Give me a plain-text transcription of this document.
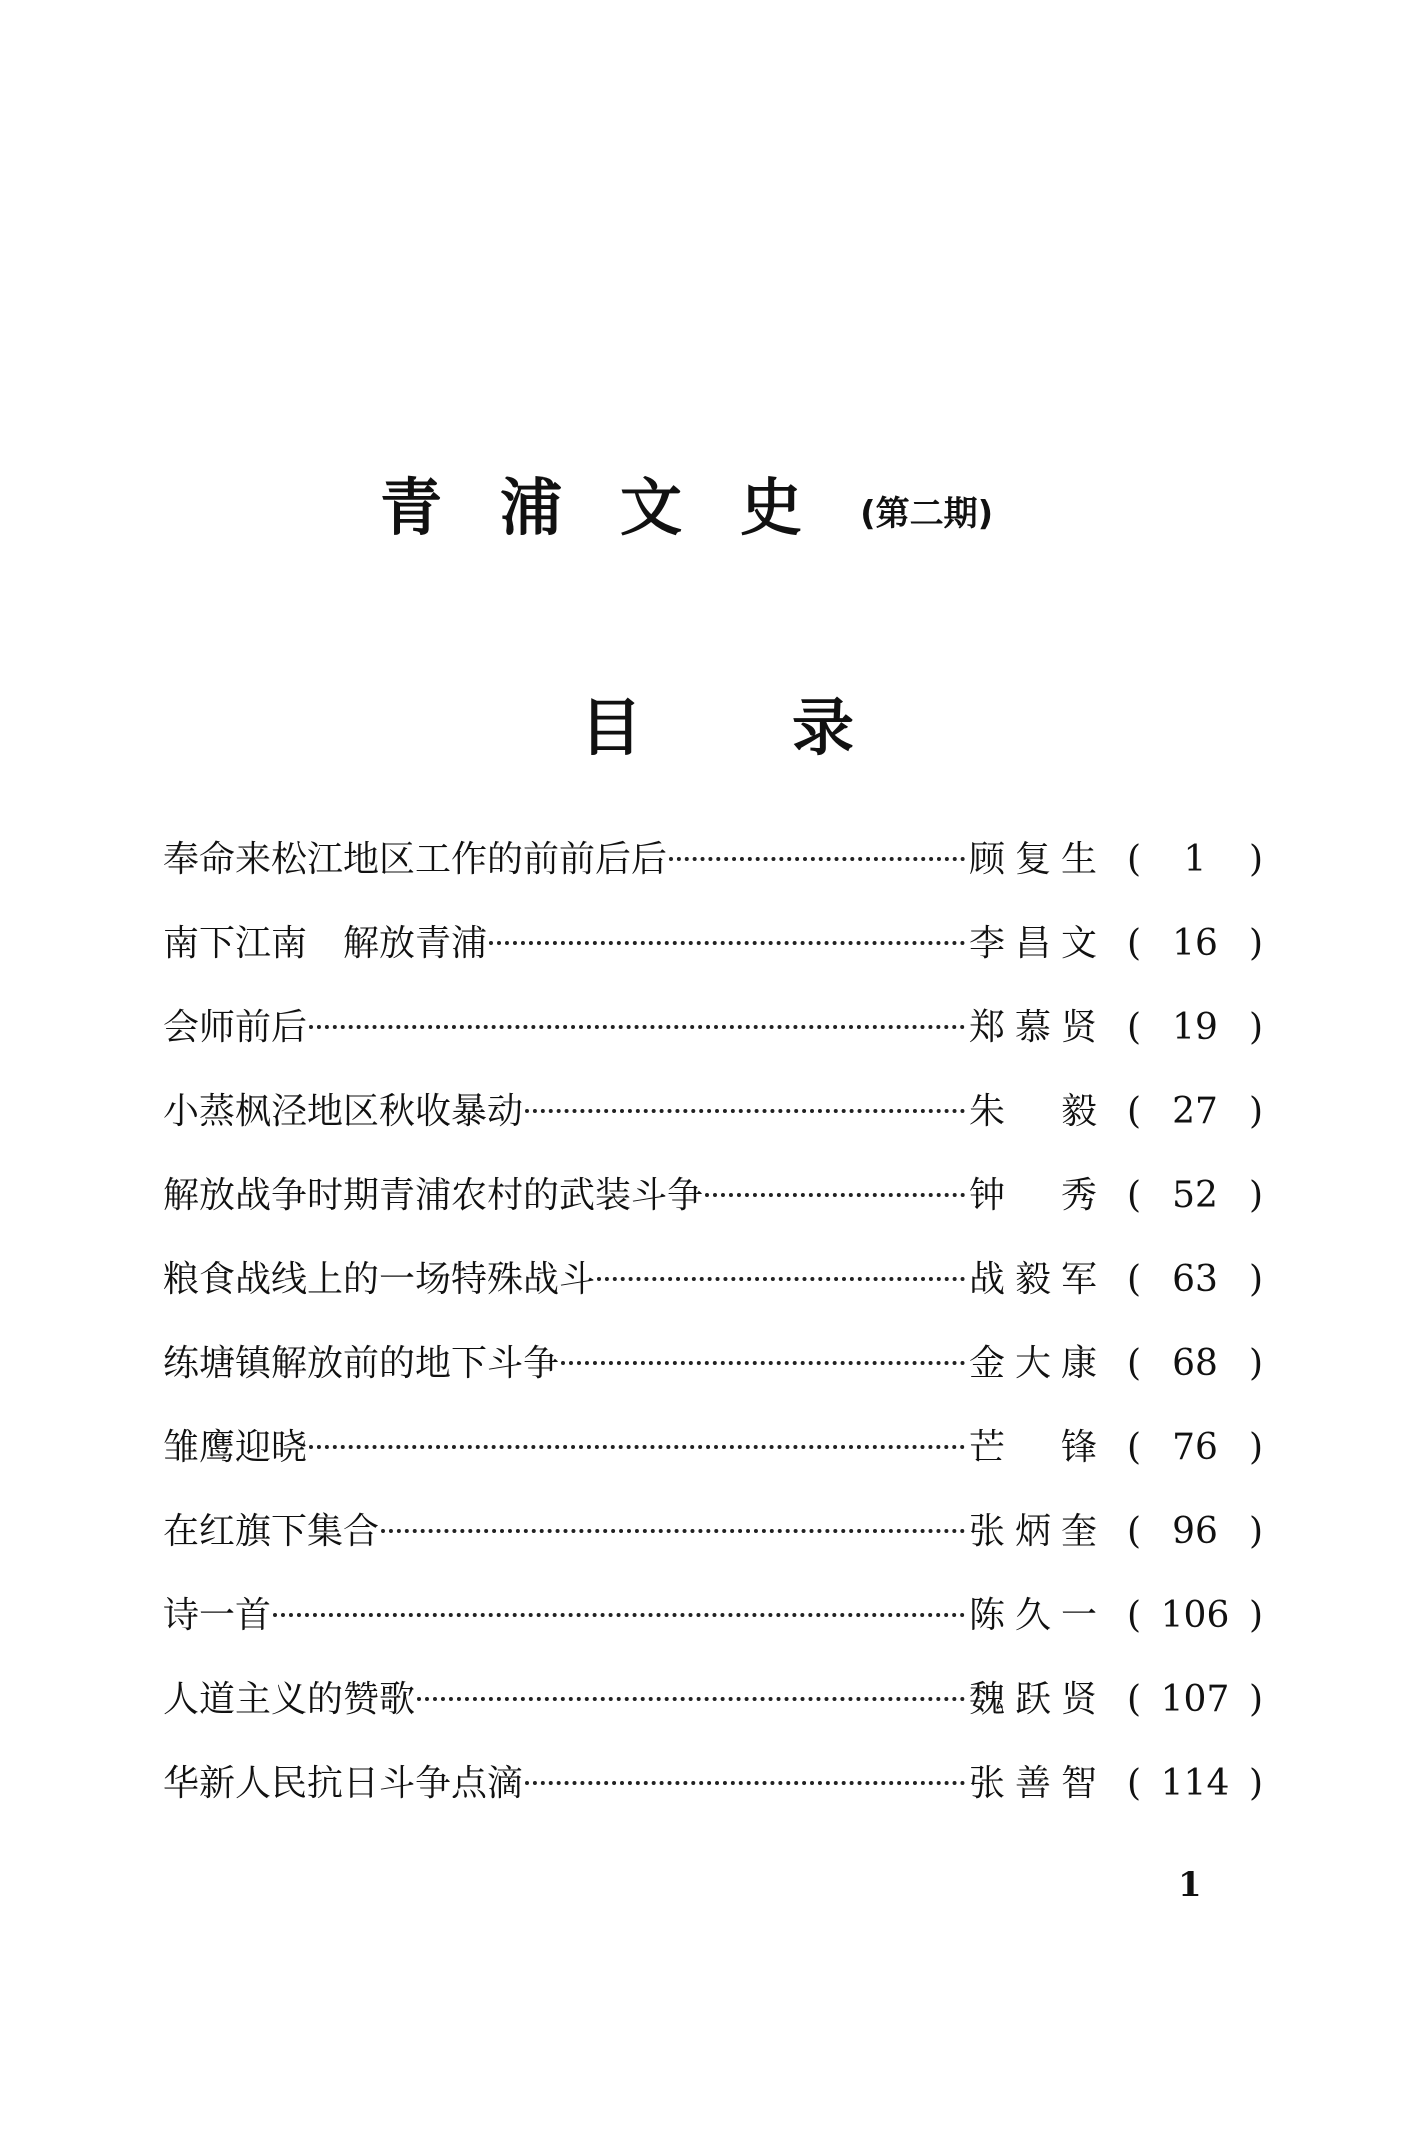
青 浦 文 史 (第二期)
目 录
奉命来松江地区工作的前前后后	顾复生 (	1	)
南下江南　解放青浦	李昌文 ( 16 )
会师前后	郑慕贤 ( 19 )
小蒸枫泾地区秋收暴动	朱　毅 ( 27 )
解放战争时期青浦农村的武装斗争	钟　秀 ( 52 )
粮食战线上的一场特殊战斗	战毅军 ( 63 )
练塘镇解放前的地下斗争	金大康 ( 68 )
雏鹰迎晓	芒　锋 ( 76 )
在红旗下集合	张炳奎 ( 96 )
诗一首	陈久一 ( 106 )
人道主义的赞歌	魏跃贤 ( 107 )
华新人民抗日斗争点滴	张善智 ( 114 )
1
